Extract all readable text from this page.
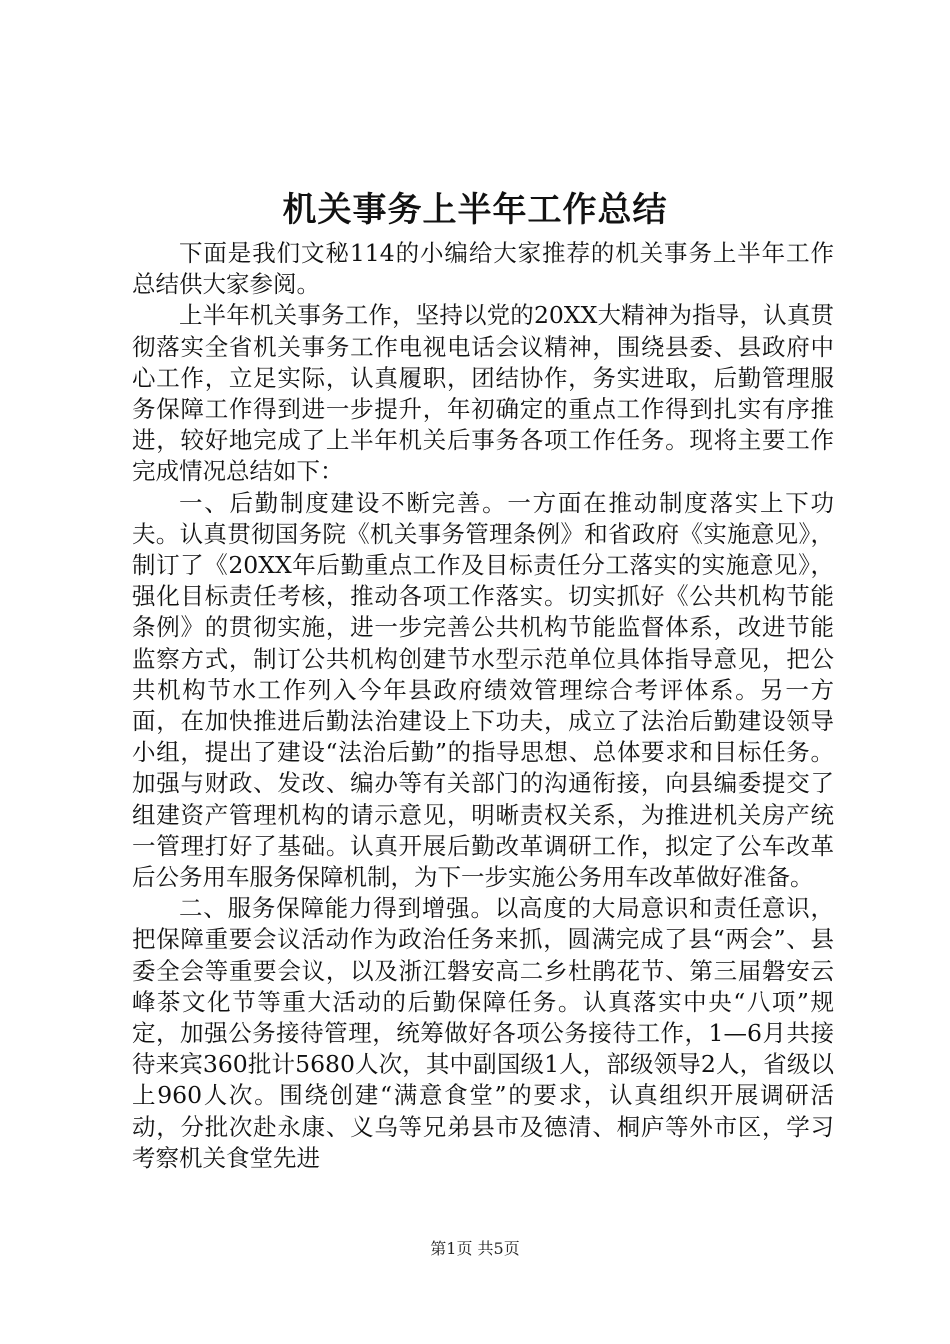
机关事务上半年工作总结

下面是我们文秘114的小编给大家推荐的机关事务上半年工作总结供大家参阅。

上半年机关事务工作，坚持以党的20XX大精神为指导，认真贯彻落实全省机关事务工作电视电话会议精神，围绕县委、县政府中心工作，立足实际，认真履职，团结协作，务实进取，后勤管理服务保障工作得到进一步提升，年初确定的重点工作得到扎实有序推进，较好地完成了上半年机关后事务各项工作任务。现将主要工作完成情况总结如下：

一、后勤制度建设不断完善。一方面在推动制度落实上下功夫。认真贯彻国务院《机关事务管理条例》和省政府《实施意见》，制订了《20XX年后勤重点工作及目标责任分工落实的实施意见》，强化目标责任考核，推动各项工作落实。切实抓好《公共机构节能条例》的贯彻实施，进一步完善公共机构节能监督体系，改进节能监察方式，制订公共机构创建节水型示范单位具体指导意见，把公共机构节水工作列入今年县政府绩效管理综合考评体系。另一方面，在加快推进后勤法治建设上下功夫，成立了法治后勤建设领导小组，提出了建设“法治后勤”的指导思想、总体要求和目标任务。加强与财政、发改、编办等有关部门的沟通衔接，向县编委提交了组建资产管理机构的请示意见，明晰责权关系，为推进机关房产统一管理打好了基础。认真开展后勤改革调研工作，拟定了公车改革后公务用车服务保障机制，为下一步实施公务用车改革做好准备。

二、服务保障能力得到增强。以高度的大局意识和责任意识，把保障重要会议活动作为政治任务来抓，圆满完成了县“两会”、县委全会等重要会议，以及浙江磐安高二乡杜鹃花节、第三届磐安云峰茶文化节等重大活动的后勤保障任务。认真落实中央“八项”规定，加强公务接待管理，统筹做好各项公务接待工作，1—6月共接待来宾360批计5680人次，其中副国级1人，部级领导2人，省级以上960人次。围绕创建“满意食堂”的要求，认真组织开展调研活动，分批次赴永康、义乌等兄弟县市及德清、桐庐等外市区，学习考察机关食堂先进

第1页 共5页
